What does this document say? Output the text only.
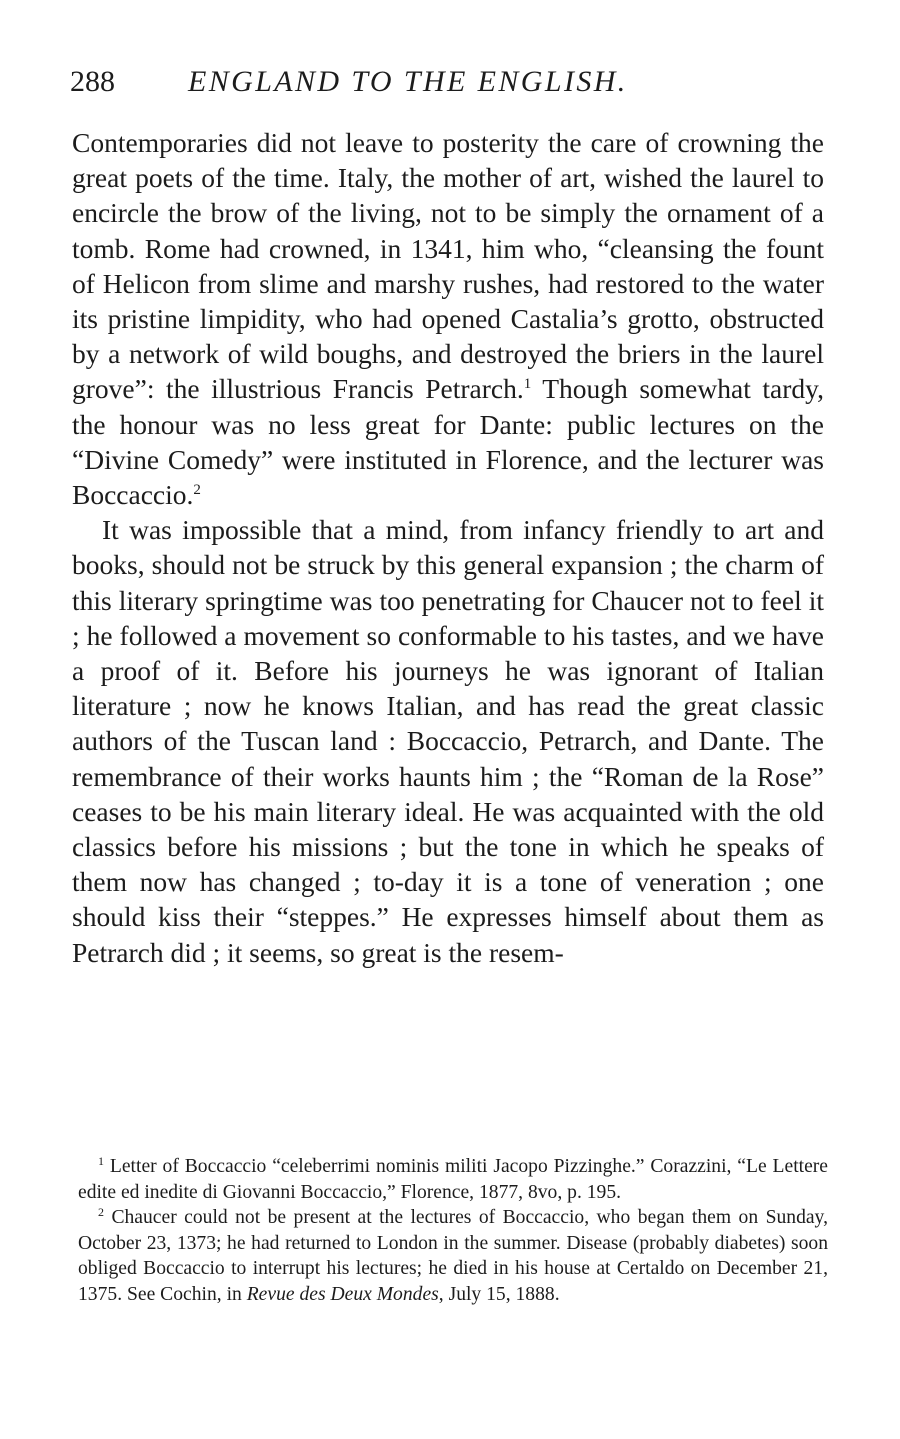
288 ENGLAND TO THE ENGLISH.

Contemporaries did not leave to posterity the care of crowning the great poets of the time. Italy, the mother of art, wished the laurel to encircle the brow of the living, not to be simply the ornament of a tomb. Rome had crowned, in 1341, him who, “cleansing the fount of Helicon from slime and marshy rushes, had restored to the water its pristine limpidity, who had opened Castalia’s grotto, obstructed by a network of wild boughs, and destroyed the briers in the laurel grove”: the illustrious Francis Petrarch.$^1$ Though somewhat tardy, the honour was no less great for Dante: public lectures on the “Divine Comedy” were instituted in Florence, and the lecturer was Boccaccio.$^2$

It was impossible that a mind, from infancy friendly to art and books, should not be struck by this general expansion ; the charm of this literary springtime was too penetrating for Chaucer not to feel it ; he followed a movement so conformable to his tastes, and we have a proof of it. Before his journeys he was ignorant of Italian literature ; now he knows Italian, and has read the great classic authors of the Tuscan land : Boccaccio, Petrarch, and Dante. The remembrance of their works haunts him ; the “Roman de la Rose” ceases to be his main literary ideal. He was acquainted with the old classics before his missions ; but the tone in which he speaks of them now has changed ; to-day it is a tone of veneration ; one should kiss their “steppes.” He expresses himself about them as Petrarch did ; it seems, so great is the resem-

$^1$ Letter of Boccaccio “celeberrimi nominis militi Jacopo Pizzinghe.” Corazzini, “Le Lettere edite ed inedite di Giovanni Boccaccio,” Florence, 1877, 8vo, p. 195.

$^2$ Chaucer could not be present at the lectures of Boccaccio, who began them on Sunday, October 23, 1373; he had returned to London in the summer. Disease (probably diabetes) soon obliged Boccaccio to interrupt his lectures; he died in his house at Certaldo on December 21, 1375. See Cochin, in Revue des Deux Mondes, July 15, 1888.
